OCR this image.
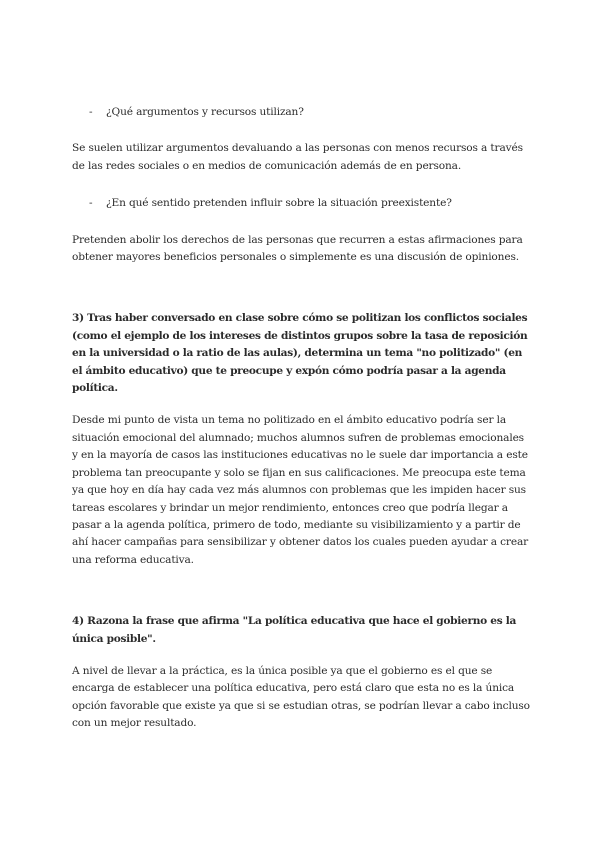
- ¿Qué argumentos y recursos utilizan?

Se suelen utilizar argumentos devaluando a las personas con menos recursos a través de las redes sociales o en medios de comunicación además de en persona.

- ¿En qué sentido pretenden influir sobre la situación preexistente?

Pretenden abolir los derechos de las personas que recurren a estas afirmaciones para obtener mayores beneficios personales o simplemente es una discusión de opiniones.

3) Tras haber conversado en clase sobre cómo se politizan los conflictos sociales (como el ejemplo de los intereses de distintos grupos sobre la tasa de reposición en la universidad o la ratio de las aulas), determina un tema "no politizado" (en el ámbito educativo) que te preocupe y expón cómo podría pasar a la agenda política.

Desde mi punto de vista un tema no politizado en el ámbito educativo podría ser la situación emocional del alumnado; muchos alumnos sufren de problemas emocionales y en la mayoría de casos las instituciones educativas no le suele dar importancia a este problema tan preocupante y solo se fijan en sus calificaciones. Me preocupa este tema ya que hoy en día hay cada vez más alumnos con problemas que les impiden hacer sus tareas escolares y brindar un mejor rendimiento, entonces creo que podría llegar a pasar a la agenda política, primero de todo, mediante su visibilizamiento y a partir de ahí hacer campañas para sensibilizar y obtener datos los cuales pueden ayudar a crear una reforma educativa.

4) Razona la frase que afirma "La política educativa que hace el gobierno es la única posible".

A nivel de llevar a la práctica, es la única posible ya que el gobierno es el que se encarga de establecer una política educativa, pero está claro que esta no es la única opción favorable que existe ya que si se estudian otras, se podrían llevar a cabo incluso con un mejor resultado.
